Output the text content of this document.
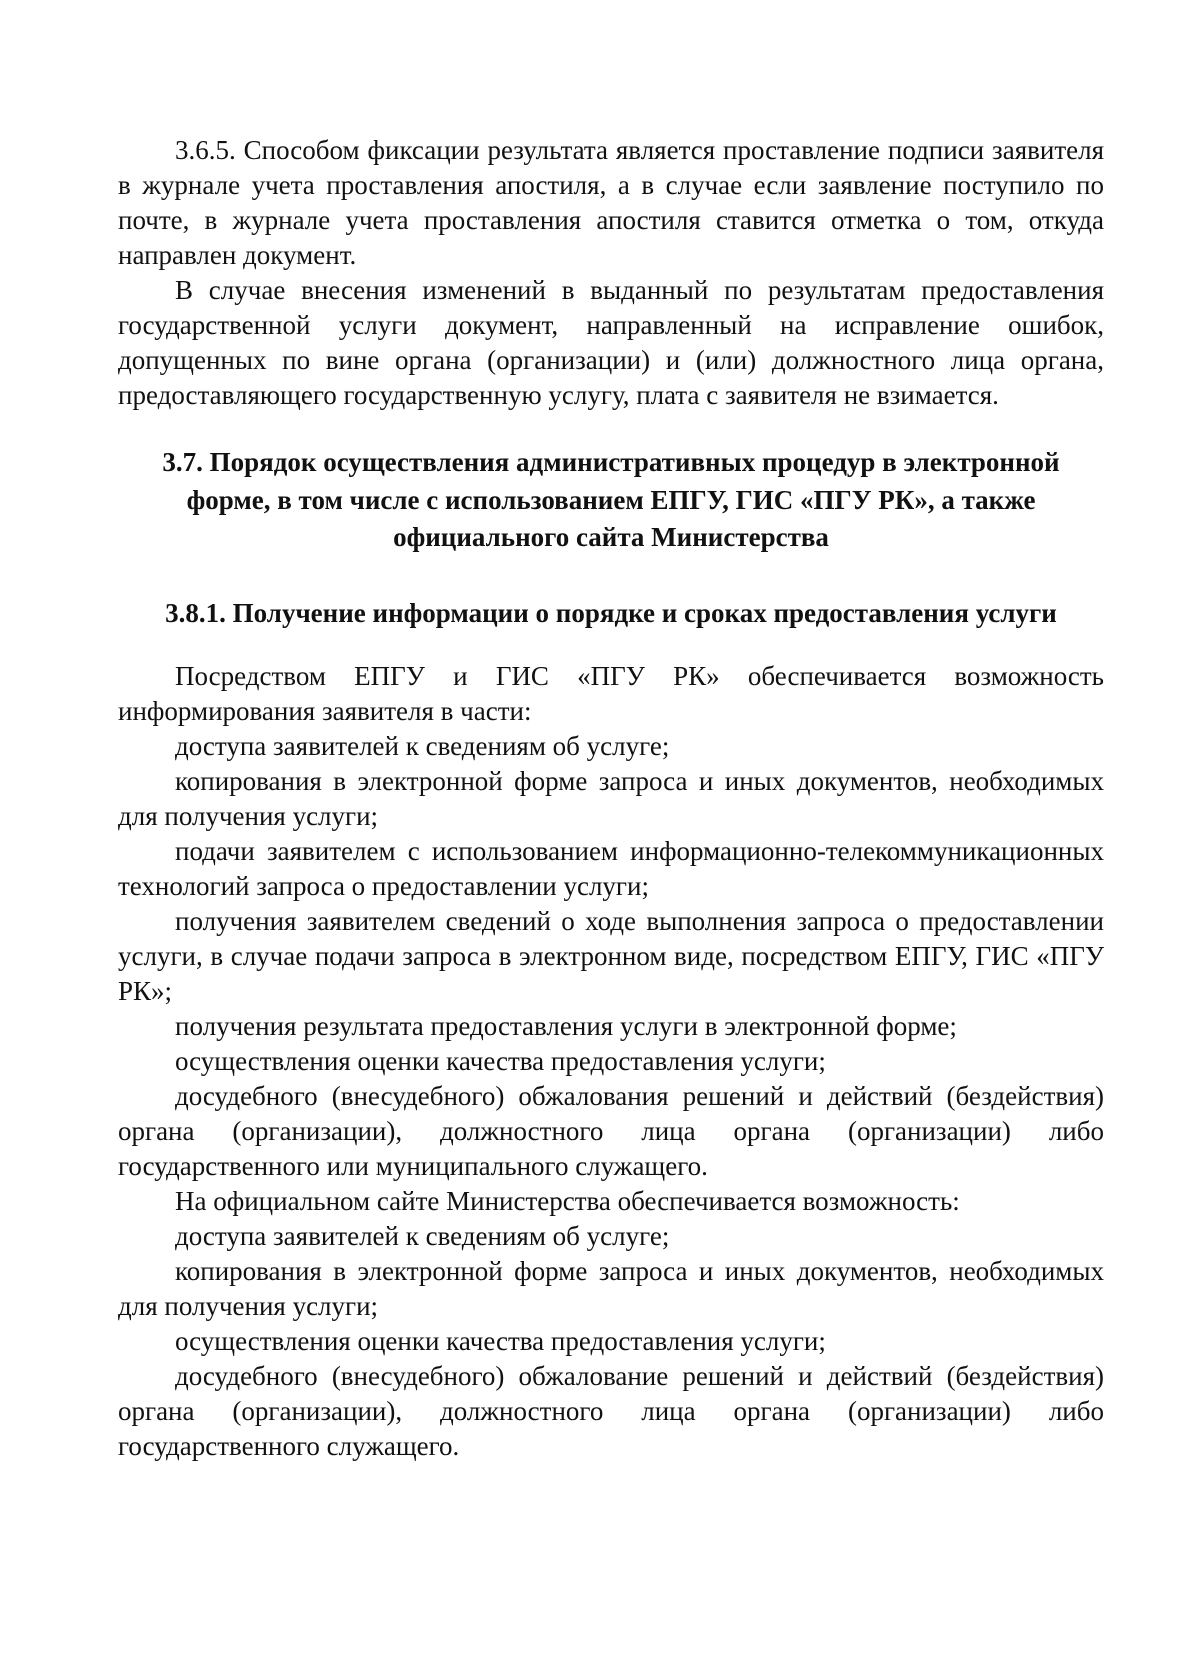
3.6.5. Способом фиксации результата является проставление подписи заявителя в журнале учета проставления апостиля, а в случае если заявление поступило по почте, в журнале учета проставления апостиля ставится отметка о том, откуда направлен документ.

В случае внесения изменений в выданный по результатам предоставления государственной услуги документ, направленный на исправление ошибок, допущенных по вине органа (организации) и (или) должностного лица органа, предоставляющего государственную услугу, плата с заявителя не взимается.

3.7. Порядок осуществления административных процедур в электронной форме, в том числе с использованием ЕПГУ, ГИС «ПГУ РК», а также официального сайта Министерства

3.8.1. Получение информации о порядке и сроках предоставления услуги

Посредством ЕПГУ и ГИС «ПГУ РК» обеспечивается возможность информирования заявителя в части:

доступа заявителей к сведениям об услуге;

копирования в электронной форме запроса и иных документов, необходимых для получения услуги;

подачи заявителем с использованием информационно-телекоммуникационных технологий запроса о предоставлении услуги;

получения заявителем сведений о ходе выполнения запроса о предоставлении услуги, в случае подачи запроса в электронном виде, посредством ЕПГУ, ГИС «ПГУ РК»;

получения результата предоставления услуги в электронной форме;

осуществления оценки качества предоставления услуги;

досудебного (внесудебного) обжалования решений и действий (бездействия) органа (организации), должностного лица органа (организации) либо государственного или муниципального служащего.

На официальном сайте Министерства обеспечивается возможность:

доступа заявителей к сведениям об услуге;

копирования в электронной форме запроса и иных документов, необходимых для получения услуги;

осуществления оценки качества предоставления услуги;

досудебного (внесудебного) обжалование решений и действий (бездействия) органа (организации), должностного лица органа (организации) либо государственного служащего.
